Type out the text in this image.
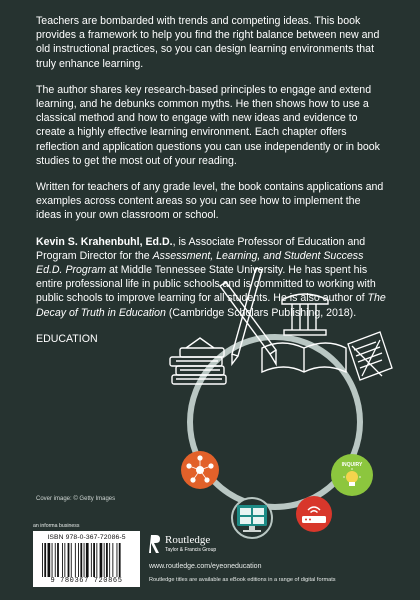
Teachers are bombarded with trends and competing ideas. This book provides a framework to help you find the right balance between new and old instructional practices, so you can design learning environments that truly enhance learning.

The author shares key research-based principles to engage and extend learning, and he debunks common myths. He then shows how to use a classical method and how to engage with new ideas and evidence to create a highly effective learning environment. Each chapter offers reflection and application questions you can use independently or in book studies to get the most out of your reading.

Written for teachers of any grade level, the book contains applications and examples across content areas so you can see how to implement the ideas in your own classroom or school.

Kevin S. Krahenbuhl, Ed.D., is Associate Professor of Education and Program Director for the Assessment, Learning, and Student Success Ed.D. Program at Middle Tennessee State University. He has spent his entire professional life in public schools and is committed to working with public schools to improve learning for all students. He is also author of The Decay of Truth in Education (Cambridge Scholars Publishing, 2018).

EDUCATION

INQUIRY
Cover image: © Getty Images
an informa business
ISBN 978-0-367-72086-5
9 780367 720865
Routledge
Taylor & Francis Group
www.routledge.com/eyeoneducation
Routledge titles are available as eBook editions in a range of digital formats
